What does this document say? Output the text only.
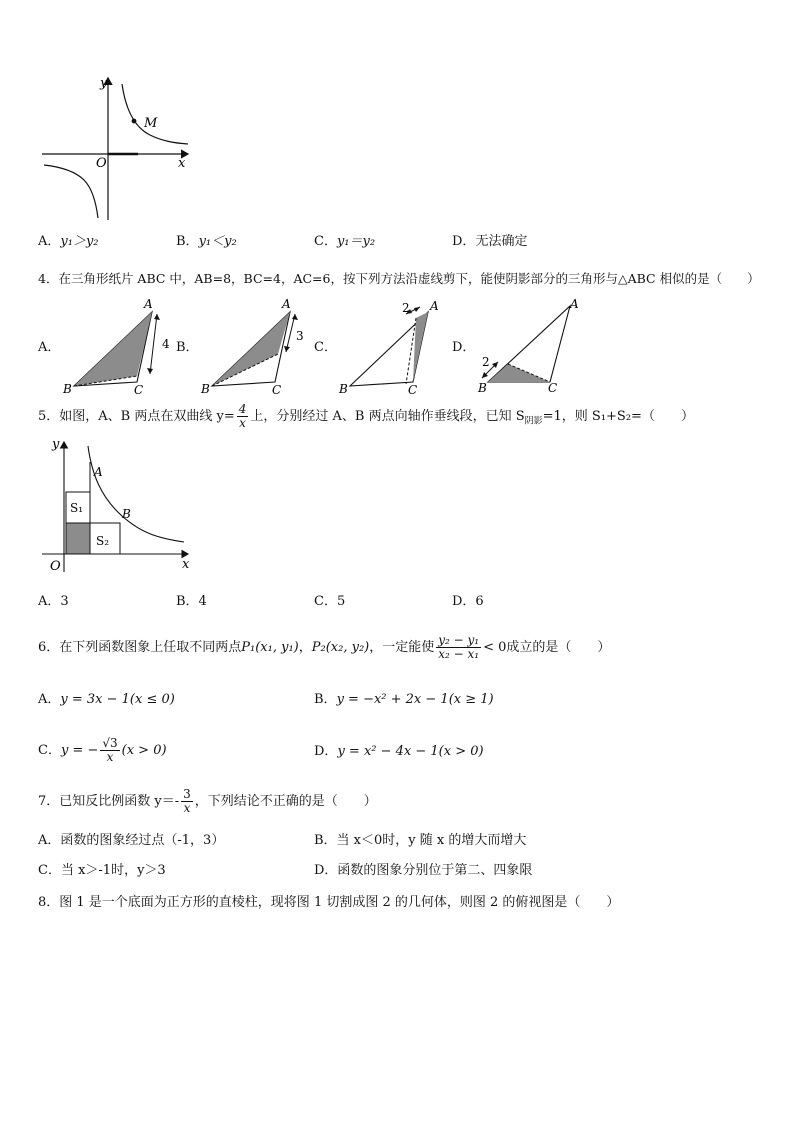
y
x
O
M
A．y₁＞y₂	B．y₁＜y₂	C．y₁＝y₂	D．无法确定
4．在三角形纸片 ABC 中，AB=8，BC=4，AC=6，按下列方法沿虚线剪下，能使阴影部分的三角形与△ABC 相似的是（　　）
A．	B．	C．	D．
4
A
B	C
3
A
B	C
2 A
B	C
2
A
B	C
5．如图，A、B 两点在双曲线 $y= \frac{4}{x}$ 上，分别经过 A、B 两点向轴作垂线段，已知 $S_{阴影}=1$，则 S₁+S₂=（　　）
y
x
O
A
B
S₁
S₂
A．3	B．4	C．5	D．6
6．在下列函数图象上任取不同两点P₁(x₁, y₁)，P₂(x₂, y₂)，一定能使 $\frac{\text{y₂ − y₁}}{\text{x₂ − x₁}} < 0$成立的是（　　）
A．y = 3x − 1(x ≤ 0)	B．y = −x² + 2x − 1(x ≥ 1)
C．y = − $\frac{√3}{x} (x > 0)$	D．y = x² − 4x − 1(x > 0)
7．已知反比例函数 $y=- \frac{3}{x}$ ，下列结论不正确的是（　　）
A．函数的图象经过点（-1，3）	B．当 x＜0时，y 随 x 的增大而增大
C．当 x＞-1时，y＞3	D．函数的图象分别位于第二、四象限
8．图 1 是一个底面为正方形的直棱柱，现将图 1 切割成图 2 的几何体，则图 2 的俯视图是（　　）
